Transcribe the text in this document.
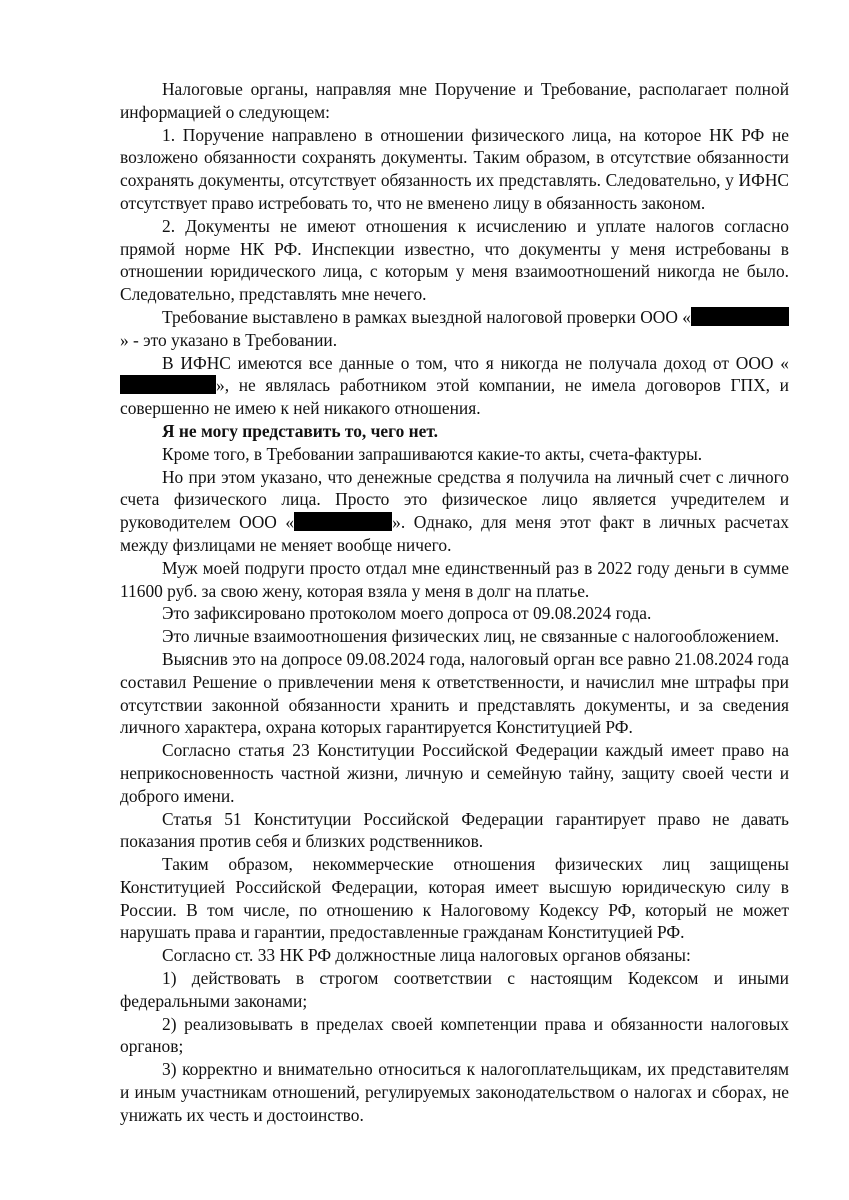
Налоговые органы, направляя мне Поручение и Требование, располагает полной информацией о следующем:

1. Поручение направлено в отношении физического лица, на которое НК РФ не возложено обязанности сохранять документы. Таким образом, в отсутствие обязанности сохранять документы, отсутствует обязанность их представлять. Следовательно, у ИФНС отсутствует право истребовать то, что не вменено лицу в обязанность законом.

2. Документы не имеют отношения к исчислению и уплате налогов согласно прямой норме НК РФ. Инспекции известно, что документы у меня истребованы в отношении юридического лица, с которым у меня взаимоотношений никогда не было. Следовательно, представлять мне нечего.

Требование выставлено в рамках выездной налоговой проверки ООО «» - это указано в Требовании.

В ИФНС имеются все данные о том, что я никогда не получала доход от ООО «», не являлась работником этой компании, не имела договоров ГПХ, и совершенно не имею к ней никакого отношения.

Я не могу представить то, чего нет.

Кроме того, в Требовании запрашиваются какие-то акты, счета-фактуры.

Но при этом указано, что денежные средства я получила на личный счет с личного счета физического лица. Просто это физическое лицо является учредителем и руководителем ООО «	». Однако, для меня этот факт в личных расчетах между физлицами не меняет вообще ничего.

Муж моей подруги просто отдал мне единственный раз в 2022 году деньги в сумме 11600 руб. за свою жену, которая взяла у меня в долг на платье.

Это зафиксировано протоколом моего допроса от 09.08.2024 года.

Это личные взаимоотношения физических лиц, не связанные с налогообложением.

Выяснив это на допросе 09.08.2024 года, налоговый орган все равно 21.08.2024 года составил Решение о привлечении меня к ответственности, и начислил мне штрафы при отсутствии законной обязанности хранить и представлять документы, и за сведения личного характера, охрана которых гарантируется Конституцией РФ.

Согласно статья 23 Конституции Российской Федерации каждый имеет право на неприкосновенность частной жизни, личную и семейную тайну, защиту своей чести и доброго имени.

Статья 51 Конституции Российской Федерации гарантирует право не давать показания против себя и близких родственников.

Таким образом, некоммерческие отношения физических лиц защищены Конституцией Российской Федерации, которая имеет высшую юридическую силу в России. В том числе, по отношению к Налоговому Кодексу РФ, который не может нарушать права и гарантии, предоставленные гражданам Конституцией РФ.

Согласно ст. 33 НК РФ должностные лица налоговых органов обязаны:

1) действовать в строгом соответствии с настоящим Кодексом и иными федеральными законами;

2) реализовывать в пределах своей компетенции права и обязанности налоговых органов;

3) корректно и внимательно относиться к налогоплательщикам, их представителям и иным участникам отношений, регулируемых законодательством о налогах и сборах, не унижать их честь и достоинство.
